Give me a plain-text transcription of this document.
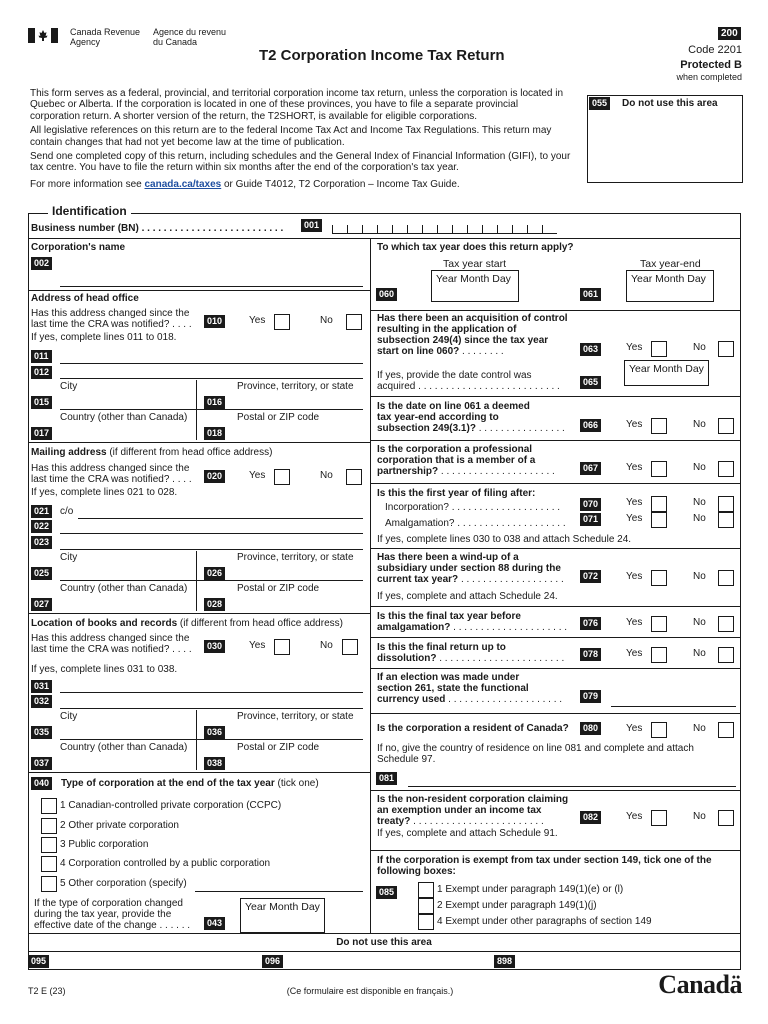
Canada Revenue
Agency
Agence du revenu
du Canada
T2 Corporation Income Tax Return
200
Code 2201
Protected B
when completed
This form serves as a federal, provincial, and territorial corporation income tax return, unless the corporation is located in
Quebec or Alberta. If the corporation is located in one of these provinces, you have to file a separate provincial
corporation return. A shorter version of the return, the T2SHORT, is available for eligible corporations.
All legislative references on this return are to the federal Income Tax Act and Income Tax Regulations. This return may
contain changes that had not yet become law at the time of publication.
Send one completed copy of this return, including schedules and the General Index of Financial Information (GIFI), to your
tax centre. You have to file the return within six months after the end of the corporation's tax year.
For more information see canada.ca/taxes or Guide T4012, T2 Corporation – Income Tax Guide.
055	Do not use this area
Identification
Business number (BN) . . . . . . . . . . . . . . . . . . . . . . . . . .	001
Corporation's name
002
Address of head office
Has this address changed since the
last time the CRA was notified? . . . .	010	Yes	No
If yes, complete lines 011 to 018.
011
012
City	Province, territory, or state
015	016
Country (other than Canada)	Postal or ZIP code
017	018
Mailing address (if different from head office address)
Has this address changed since the
last time the CRA was notified? . . . .	020	Yes	No
If yes, complete lines 021 to 028.
021	c/o
022
023
City	Province, territory, or state
025	026
Country (other than Canada)	Postal or ZIP code
027	028
Location of books and records (if different from head office address)
Has this address changed since the
last time the CRA was notified? . . . .	030	Yes	No
If yes, complete lines 031 to 038.
031
032
City	Province, territory, or state
035	036
Country (other than Canada)	Postal or ZIP code
037	038
040	Type of corporation at the end of the tax year (tick one)
1 Canadian-controlled private corporation (CCPC)
2 Other private corporation
3 Public corporation
4 Corporation controlled by a public corporation
5 Other corporation (specify)
If the type of corporation changed
during the tax year, provide the
effective date of the change . . . . . .
Year Month Day
043
To which tax year does this return apply?
Tax year start	Tax year-end
Year Month Day	Year Month Day
060	061
Has there been an acquisition of control
resulting in the application of
subsection 249(4) since the tax year
start on line 060? . . . . . . . .	063	Yes	No
Year Month Day
If yes, provide the date control was
acquired . . . . . . . . . . . . . . . . . . . . . . . . . .	065
Is the date on line 061 a deemed
tax year-end according to
subsection 249(3.1)? . . . . . . . . . . . . . . . .	066	Yes	No
Is the corporation a professional
corporation that is a member of a
partnership? . . . . . . . . . . . . . . . . . . . . .	067	Yes	No
Is this the first year of filing after:
Incorporation? . . . . . . . . . . . . . . . . . . . .	070	Yes	No
Amalgamation? . . . . . . . . . . . . . . . . . . . .	071	Yes	No
If yes, complete lines 030 to 038 and attach Schedule 24.
Has there been a wind-up of a
subsidiary under section 88 during the
current tax year? . . . . . . . . . . . . . . . . . . .	072	Yes	No
If yes, complete and attach Schedule 24.
Is this the final tax year before
amalgamation? . . . . . . . . . . . . . . . . . . . . .	076	Yes	No
Is this the final return up to
dissolution? . . . . . . . . . . . . . . . . . . . . . . .	078	Yes	No
If an election was made under
section 261, state the functional
currency used . . . . . . . . . . . . . . . . . . . . .	079
Is the corporation a resident of Canada?	080	Yes	No
If no, give the country of residence on line 081 and complete and attach
Schedule 97.
081
Is the non-resident corporation claiming
an exemption under an income tax
treaty? . . . . . . . . . . . . . . . . . . . . . . . .	082	Yes	No
If yes, complete and attach Schedule 91.
If the corporation is exempt from tax under section 149, tick one of the
following boxes:
085	1 Exempt under paragraph 149(1)(e) or (l)
2 Exempt under paragraph 149(1)(j)
4 Exempt under other paragraphs of section 149
Do not use this area
095	096	898
T2 E (23)	(Ce formulaire est disponible en français.)	Canadä
